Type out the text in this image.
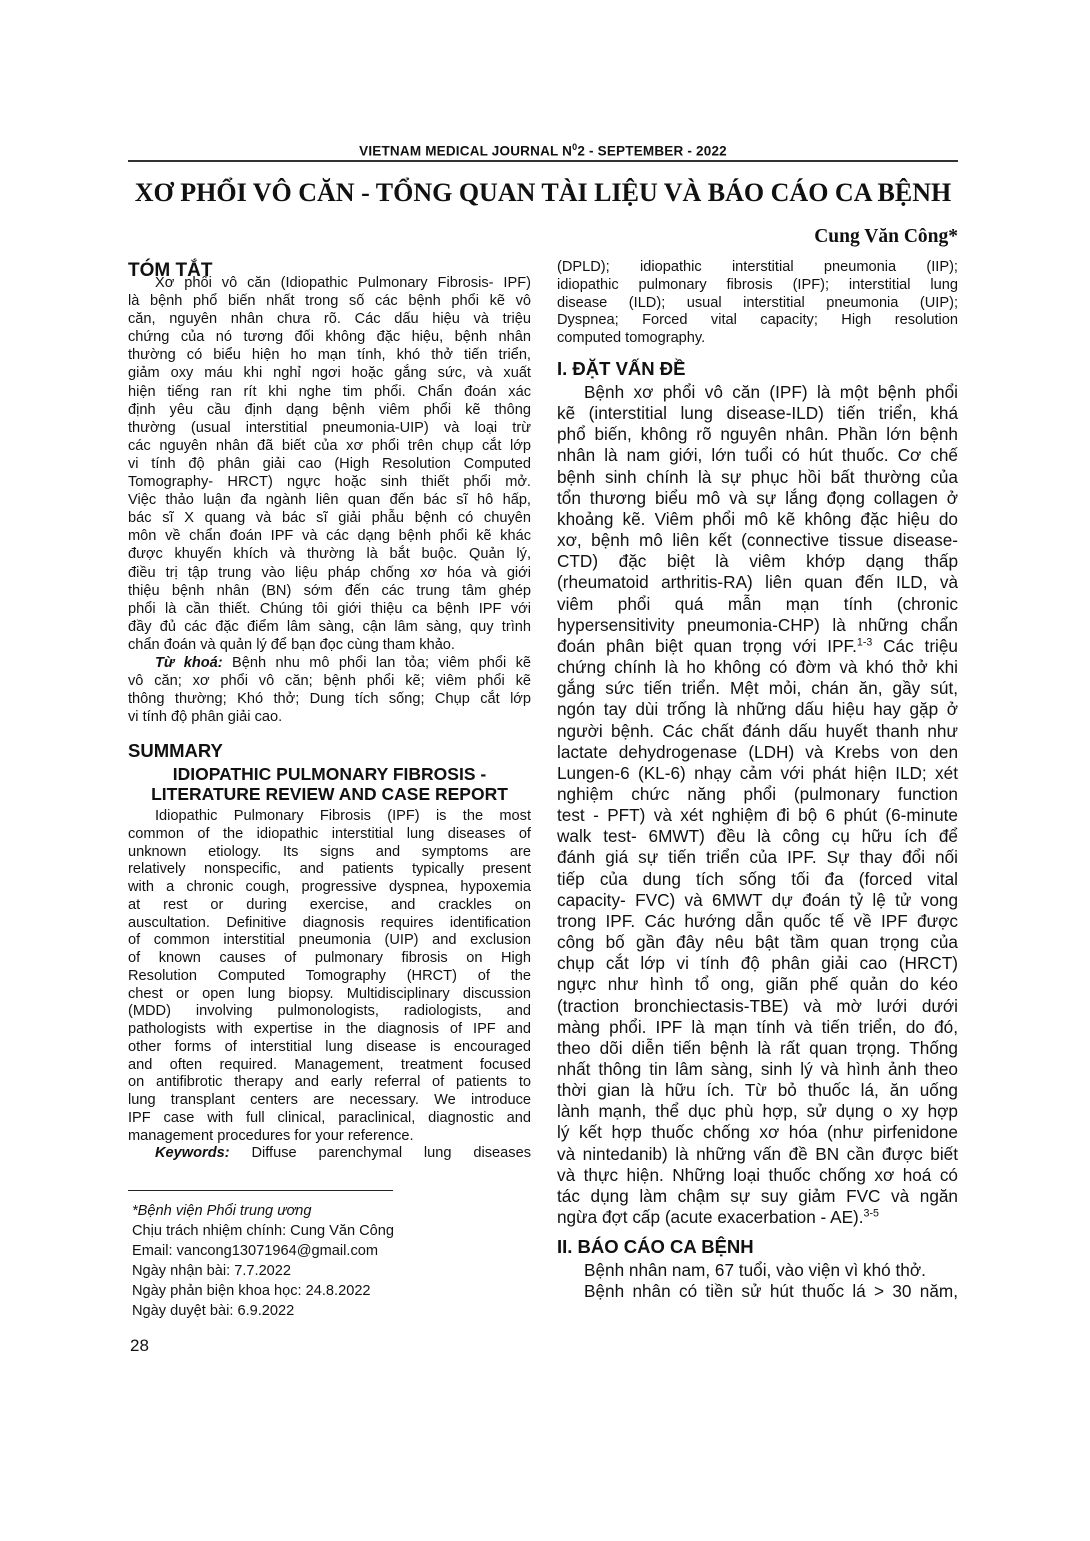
VIETNAM MEDICAL JOURNAL $N^02$ - SEPTEMBER - 2022
XƠ PHỔI VÔ CĂN - TỔNG QUAN TÀI LIỆU VÀ BÁO CÁO CA BỆNH
Cung Văn Công*
TÓM TẮT
Xơ phổi vô căn (Idiopathic Pulmonary Fibrosis- IPF)
là bệnh phổ biến nhất trong số các bệnh phổi kẽ vô
căn, nguyên nhân chưa rõ. Các dấu hiệu và triệu
chứng của nó tương đối không đặc hiệu, bệnh nhân
thường có biểu hiện ho mạn tính, khó thở tiến triển,
giảm oxy máu khi nghỉ ngơi hoặc gắng sức, và xuất
hiện tiếng ran rít khi nghe tim phổi. Chẩn đoán xác
định yêu cầu định dạng bệnh viêm phổi kẽ thông
thường (usual interstitial pneumonia-UIP) và loại trừ
các nguyên nhân đã biết của xơ phổi trên chụp cắt lớp
vi tính độ phân giải cao (High Resolution Computed
Tomography- HRCT) ngực hoặc sinh thiết phổi mở.
Việc thảo luận đa ngành liên quan đến bác sĩ hô hấp,
bác sĩ X quang và bác sĩ giải phẫu bệnh có chuyên
môn về chẩn đoán IPF và các dạng bệnh phổi kẽ khác
được khuyến khích và thường là bắt buộc. Quản lý,
điều trị tập trung vào liệu pháp chống xơ hóa và giới
thiệu bệnh nhân (BN) sớm đến các trung tâm ghép
phổi là cần thiết. Chúng tôi giới thiệu ca bệnh IPF với
đầy đủ các đặc điểm lâm sàng, cận lâm sàng, quy trình
chẩn đoán và quản lý để bạn đọc cùng tham khảo.
Từ khoá: Bệnh nhu mô phổi lan tỏa; viêm phổi kẽ
vô căn; xơ phổi vô căn; bệnh phổi kẽ; viêm phổi kẽ
thông thường; Khó thở; Dung tích sống; Chụp cắt lớp
vi tính độ phân giải cao.
SUMMARY
IDIOPATHIC PULMONARY FIBROSIS -
LITERATURE REVIEW AND CASE REPORT
Idiopathic Pulmonary Fibrosis (IPF) is the most
common of the idiopathic interstitial lung diseases of
unknown etiology. Its signs and symptoms are
relatively nonspecific, and patients typically present
with a chronic cough, progressive dyspnea, hypoxemia
at rest or during exercise, and crackles on
auscultation. Definitive diagnosis requires identification
of common interstitial pneumonia (UIP) and exclusion
of known causes of pulmonary fibrosis on High
Resolution Computed Tomography (HRCT) of the
chest or open lung biopsy. Multidisciplinary discussion
(MDD) involving pulmonologists, radiologists, and
pathologists with expertise in the diagnosis of IPF and
other forms of interstitial lung disease is encouraged
and often required. Management, treatment focused
on antifibrotic therapy and early referral of patients to
lung transplant centers are necessary. We introduce
IPF case with full clinical, paraclinical, diagnostic and
management procedures for your reference.
Keywords: Diffuse parenchymal lung diseases
*Bệnh viện Phổi trung ương
Chịu trách nhiệm chính: Cung Văn Công
Email: vancong13071964@gmail.com
Ngày nhận bài: 7.7.2022
Ngày phản biện khoa học: 24.8.2022
Ngày duyệt bài: 6.9.2022
28
(DPLD); idiopathic interstitial pneumonia (IIP);
idiopathic pulmonary fibrosis (IPF); interstitial lung
disease (ILD); usual interstitial pneumonia (UIP);
Dyspnea; Forced vital capacity; High resolution
computed tomography.
I. ĐẶT VẤN ĐỀ
Bệnh xơ phổi vô căn (IPF) là một bệnh phổi
kẽ (interstitial lung disease-ILD) tiến triển, khá
phổ biến, không rõ nguyên nhân. Phần lớn bệnh
nhân là nam giới, lớn tuổi có hút thuốc. Cơ chế
bệnh sinh chính là sự phục hồi bất thường của
tổn thương biểu mô và sự lắng đọng collagen ở
khoảng kẽ. Viêm phổi mô kẽ không đặc hiệu do
xơ, bệnh mô liên kết (connective tissue disease-
CTD) đặc biệt là viêm khớp dạng thấp
(rheumatoid arthritis-RA) liên quan đến ILD, và
viêm phổi quá mẫn mạn tính (chronic
hypersensitivity pneumonia-CHP) là những chẩn
đoán phân biệt quan trọng với IPF.$^{1-3}$ Các triệu
chứng chính là ho không có đờm và khó thở khi
gắng sức tiến triển. Mệt mỏi, chán ăn, gầy sút,
ngón tay dùi trống là những dấu hiệu hay gặp ở
người bệnh. Các chất đánh dấu huyết thanh như
lactate dehydrogenase (LDH) và Krebs von den
Lungen-6 (KL-6) nhạy cảm với phát hiện ILD; xét
nghiệm chức năng phổi (pulmonary function
test - PFT) và xét nghiệm đi bộ 6 phút (6-minute
walk test- 6MWT) đều là công cụ hữu ích để
đánh giá sự tiến triển của IPF. Sự thay đổi nối
tiếp của dung tích sống tối đa (forced vital
capacity- FVC) và 6MWT dự đoán tỷ lệ tử vong
trong IPF. Các hướng dẫn quốc tế về IPF được
công bố gần đây nêu bật tầm quan trọng của
chụp cắt lớp vi tính độ phân giải cao (HRCT)
ngực như hình tổ ong, giãn phế quản do kéo
(traction bronchiectasis-TBE) và mờ lưới dưới
màng phổi. IPF là mạn tính và tiến triển, do đó,
theo dõi diễn tiến bệnh là rất quan trọng. Thống
nhất thông tin lâm sàng, sinh lý và hình ảnh theo
thời gian là hữu ích. Từ bỏ thuốc lá, ăn uống
lành mạnh, thể dục phù hợp, sử dụng o xy hợp
lý kết hợp thuốc chống xơ hóa (như pirfenidone
và nintedanib) là những vấn đề BN cần được biết
và thực hiện. Những loại thuốc chống xơ hoá có
tác dụng làm chậm sự suy giảm FVC và ngăn
ngừa đợt cấp (acute exacerbation - AE).$^{3-5}$
II. BÁO CÁO CA BỆNH
Bệnh nhân nam, 67 tuổi, vào viện vì khó thở.
Bệnh nhân có tiền sử hút thuốc lá > 30 năm,
